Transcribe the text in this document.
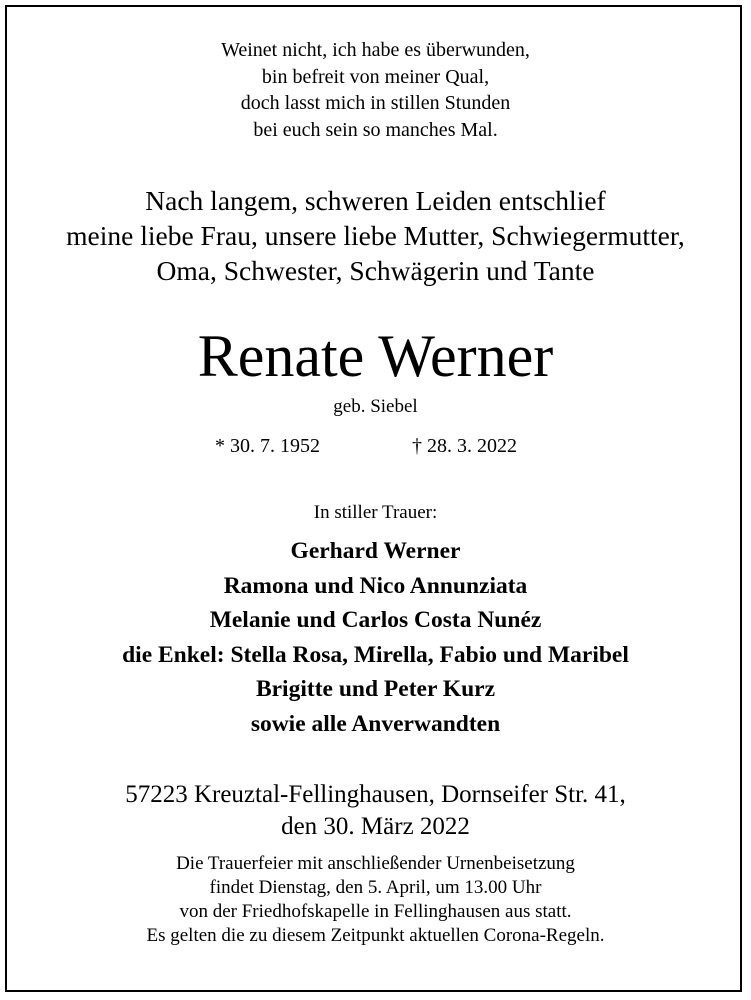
Weinet nicht, ich habe es überwunden,
bin befreit von meiner Qual,
doch lasst mich in stillen Stunden
bei euch sein so manches Mal.
Nach langem, schweren Leiden entschlief
meine liebe Frau, unsere liebe Mutter, Schwiegermutter,
Oma, Schwester, Schwägerin und Tante
Renate Werner
geb. Siebel
* 30. 7. 1952	† 28. 3. 2022
In stiller Trauer:
Gerhard Werner
Ramona und Nico Annunziata
Melanie und Carlos Costa Nunéz
die Enkel: Stella Rosa, Mirella, Fabio und Maribel
Brigitte und Peter Kurz
sowie alle Anverwandten
57223 Kreuztal-Fellinghausen, Dornseifer Str. 41,
den 30. März 2022
Die Trauerfeier mit anschließender Urnenbeisetzung
findet Dienstag, den 5. April, um 13.00 Uhr
von der Friedhofskapelle in Fellinghausen aus statt.
Es gelten die zu diesem Zeitpunkt aktuellen Corona-Regeln.
